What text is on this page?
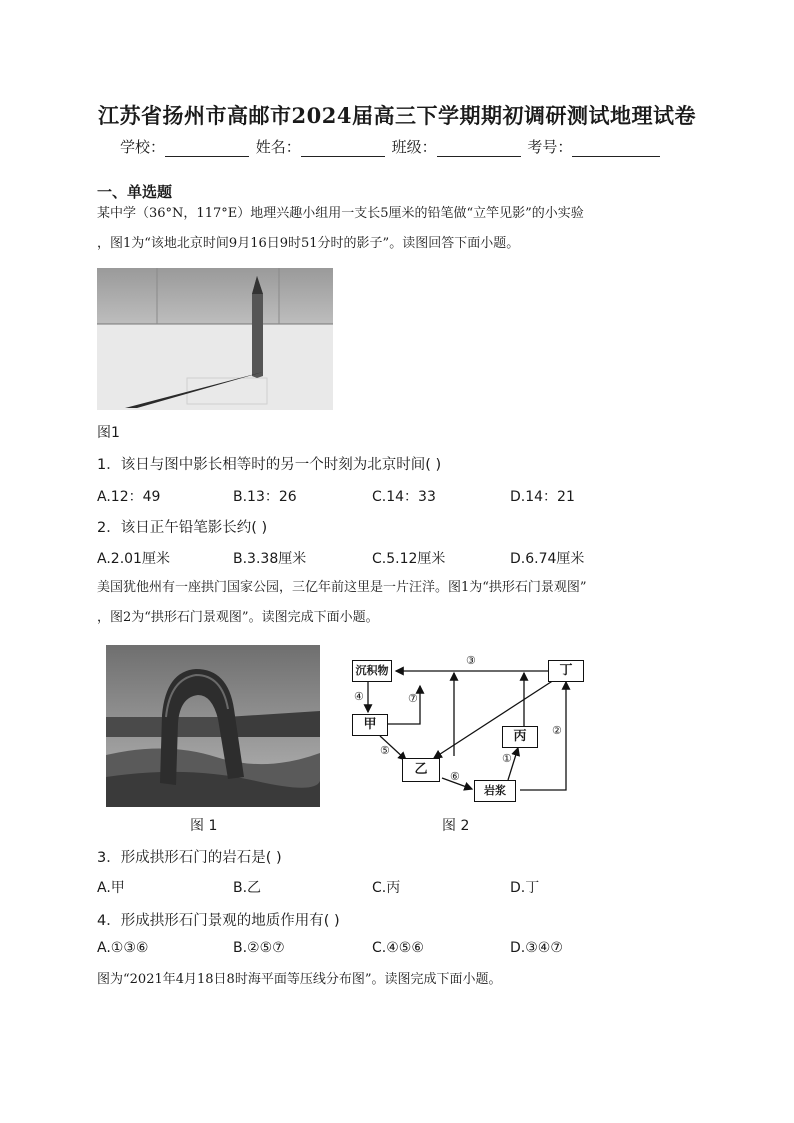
江苏省扬州市高邮市2024届高三下学期期初调研测试地理试卷
学校：	姓名：	班级：	考号：
一、单选题
某中学（36°N，117°E）地理兴趣小组用一支长5厘米的铅笔做“立竿见影”的小实验
，图1为“该地北京时间9月16日9时51分时的影子”。读图回答下面小题。
图1
1．该日与图中影长相等时的另一个时刻为北京时间( )
A.12：49	B.13：26	C.14：33	D.14：21
2．该日正午铅笔影长约( )
A.2.01厘米	B.3.38厘米	C.5.12厘米	D.6.74厘米
美国犹他州有一座拱门国家公园，三亿年前这里是一片汪洋。图1为“拱形石门景观图”
，图2为“拱形石门景观图”。读图完成下面小题。
图 1
沉积物
甲
乙
丙
丁
岩浆
③
④	⑦
⑤
⑥
①
②
图 2
3．形成拱形石门的岩石是( )
A.甲	B.乙	C.丙	D.丁
4．形成拱形石门景观的地质作用有( )
A.①③⑥	B.②⑤⑦	C.④⑤⑥	D.③④⑦
图为“2021年4月18日8时海平面等压线分布图”。读图完成下面小题。
